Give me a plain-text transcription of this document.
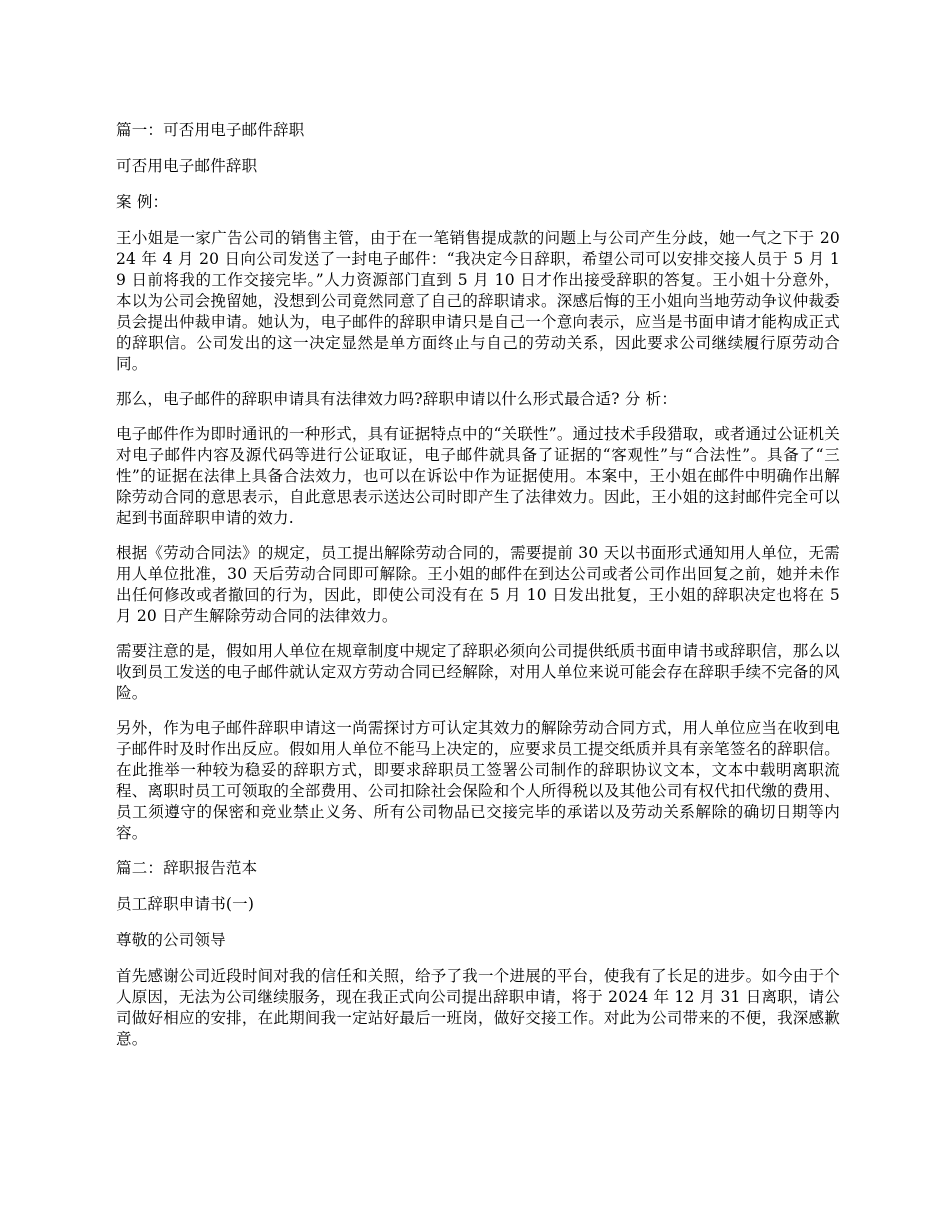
篇一：可否用电子邮件辞职

可否用电子邮件辞职

案 例：

王小姐是一家广告公司的销售主管，由于在一笔销售提成款的问题上与公司产生分歧，她一气之下于 2024 年 4 月 20 日向公司发送了一封电子邮件：“我决定今日辞职，希望公司可以安排交接人员于 5 月 19 日前将我的工作交接完毕。”人力资源部门直到 5 月 10 日才作出接受辞职的答复。王小姐十分意外，本以为公司会挽留她，没想到公司竟然同意了自己的辞职请求。深感后悔的王小姐向当地劳动争议仲裁委员会提出仲裁申请。她认为，电子邮件的辞职申请只是自己一个意向表示，应当是书面申请才能构成正式的辞职信。公司发出的这一决定显然是单方面终止与自己的劳动关系，因此要求公司继续履行原劳动合同。

那么，电子邮件的辞职申请具有法律效力吗?辞职申请以什么形式最合适? 分 析：

电子邮件作为即时通讯的一种形式，具有证据特点中的“关联性”。通过技术手段猎取，或者通过公证机关对电子邮件内容及源代码等进行公证取证，电子邮件就具备了证据的“客观性”与“合法性”。具备了“三性”的证据在法律上具备合法效力，也可以在诉讼中作为证据使用。本案中，王小姐在邮件中明确作出解除劳动合同的意思表示，自此意思表示送达公司时即产生了法律效力。因此，王小姐的这封邮件完全可以起到书面辞职申请的效力.

根据《劳动合同法》的规定，员工提出解除劳动合同的，需要提前 30 天以书面形式通知用人单位，无需用人单位批准，30 天后劳动合同即可解除。王小姐的邮件在到达公司或者公司作出回复之前，她并未作出任何修改或者撤回的行为，因此，即使公司没有在 5 月 10 日发出批复，王小姐的辞职决定也将在 5 月 20 日产生解除劳动合同的法律效力。

需要注意的是，假如用人单位在规章制度中规定了辞职必须向公司提供纸质书面申请书或辞职信，那么以收到员工发送的电子邮件就认定双方劳动合同已经解除，对用人单位来说可能会存在辞职手续不完备的风险。

另外，作为电子邮件辞职申请这一尚需探讨方可认定其效力的解除劳动合同方式，用人单位应当在收到电子邮件时及时作出反应。假如用人单位不能马上决定的，应要求员工提交纸质并具有亲笔签名的辞职信。在此推举一种较为稳妥的辞职方式，即要求辞职员工签署公司制作的辞职协议文本，文本中载明离职流程、离职时员工可领取的全部费用、公司扣除社会保险和个人所得税以及其他公司有权代扣代缴的费用、员工须遵守的保密和竞业禁止义务、所有公司物品已交接完毕的承诺以及劳动关系解除的确切日期等内容。

篇二：辞职报告范本

员工辞职申请书(一)

尊敬的公司领导

首先感谢公司近段时间对我的信任和关照，给予了我一个进展的平台，使我有了长足的进步。如今由于个人原因，无法为公司继续服务，现在我正式向公司提出辞职申请，将于 2024 年 12 月 31 日离职，请公司做好相应的安排，在此期间我一定站好最后一班岗，做好交接工作。对此为公司带来的不便，我深感歉意。
